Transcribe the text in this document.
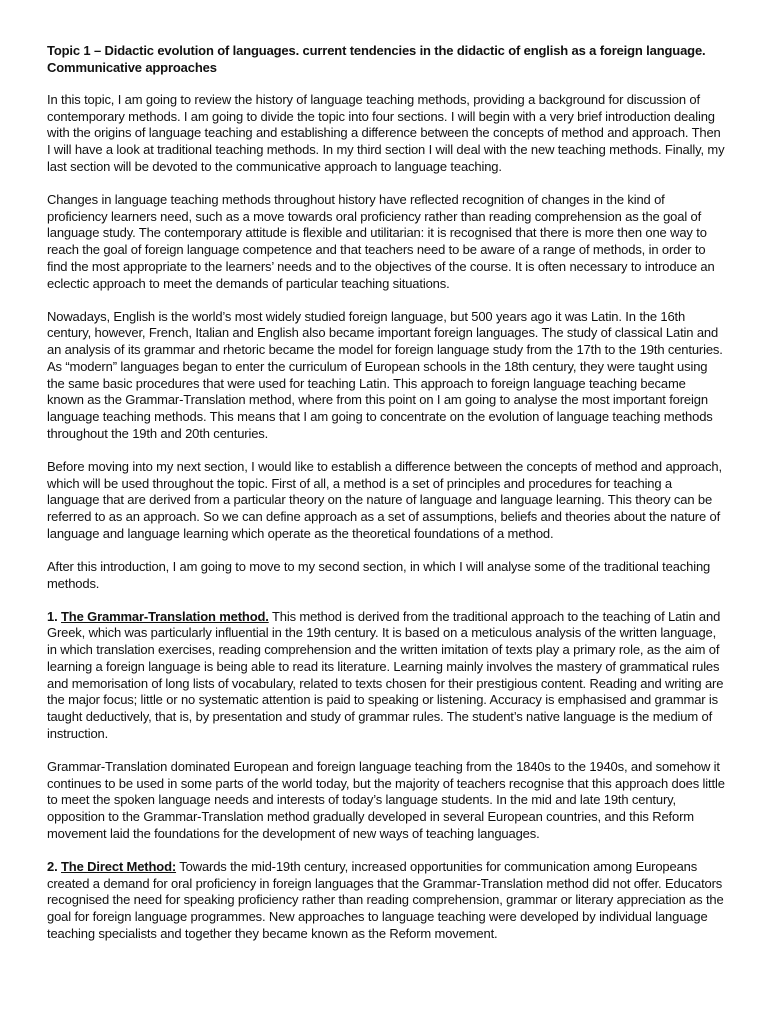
Topic 1 – Didactic evolution of languages. current tendencies in the didactic of english as a foreign language. Communicative approaches

In this topic, I am going to review the history of language teaching methods, providing a background for discussion of contemporary methods. I am going to divide the topic into four sections. I will begin with a very brief introduction dealing with the origins of language teaching and establishing a difference between the concepts of method and approach. Then I will have a look at traditional teaching methods. In my third section I will deal with the new teaching methods. Finally, my last section will be devoted to the communicative approach to language teaching.

Changes in language teaching methods throughout history have reflected recognition of changes in the kind of proficiency learners need, such as a move towards oral proficiency rather than reading comprehension as the goal of language study. The contemporary attitude is flexible and utilitarian: it is recognised that there is more then one way to reach the goal of foreign language competence and that teachers need to be aware of a range of methods, in order to find the most appropriate to the learners’ needs and to the objectives of the course. It is often necessary to introduce an eclectic approach to meet the demands of particular teaching situations.

Nowadays, English is the world’s most widely studied foreign language, but 500 years ago it was Latin. In the 16th century, however, French, Italian and English also became important foreign languages. The study of classical Latin and an analysis of its grammar and rhetoric became the model for foreign language study from the 17th to the 19th centuries. As “modern” languages began to enter the curriculum of European schools in the 18th century, they were taught using the same basic procedures that were used for teaching Latin. This approach to foreign language teaching became known as the Grammar-Translation method, where from this point on I am going to analyse the most important foreign language teaching methods. This means that I am going to concentrate on the evolution of language teaching methods throughout the 19th and 20th centuries.

Before moving into my next section, I would like to establish a difference between the concepts of method and approach, which will be used throughout the topic. First of all, a method is a set of principles and procedures for teaching a language that are derived from a particular theory on the nature of language and language learning. This theory can be referred to as an approach. So we can define approach as a set of assumptions, beliefs and theories about the nature of language and language learning which operate as the theoretical foundations of a method.

After this introduction, I am going to move to my second section, in which I will analyse some of the traditional teaching methods.

1. The Grammar-Translation method. This method is derived from the traditional approach to the teaching of Latin and Greek, which was particularly influential in the 19th century. It is based on a meticulous analysis of the written language, in which translation exercises, reading comprehension and the written imitation of texts play a primary role, as the aim of learning a foreign language is being able to read its literature. Learning mainly involves the mastery of grammatical rules and memorisation of long lists of vocabulary, related to texts chosen for their prestigious content. Reading and writing are the major focus; little or no systematic attention is paid to speaking or listening. Accuracy is emphasised and grammar is taught deductively, that is, by presentation and study of grammar rules. The student’s native language is the medium of instruction.

Grammar-Translation dominated European and foreign language teaching from the 1840s to the 1940s, and somehow it continues to be used in some parts of the world today, but the majority of teachers recognise that this approach does little to meet the spoken language needs and interests of today’s language students. In the mid and late 19th century, opposition to the Grammar-Translation method gradually developed in several European countries, and this Reform movement laid the foundations for the development of new ways of teaching languages.

2. The Direct Method: Towards the mid-19th century, increased opportunities for communication among Europeans created a demand for oral proficiency in foreign languages that the Grammar-Translation method did not offer. Educators recognised the need for speaking proficiency rather than reading comprehension, grammar or literary appreciation as the goal for foreign language programmes. New approaches to language teaching were developed by individual language teaching specialists and together they became known as the Reform movement.
